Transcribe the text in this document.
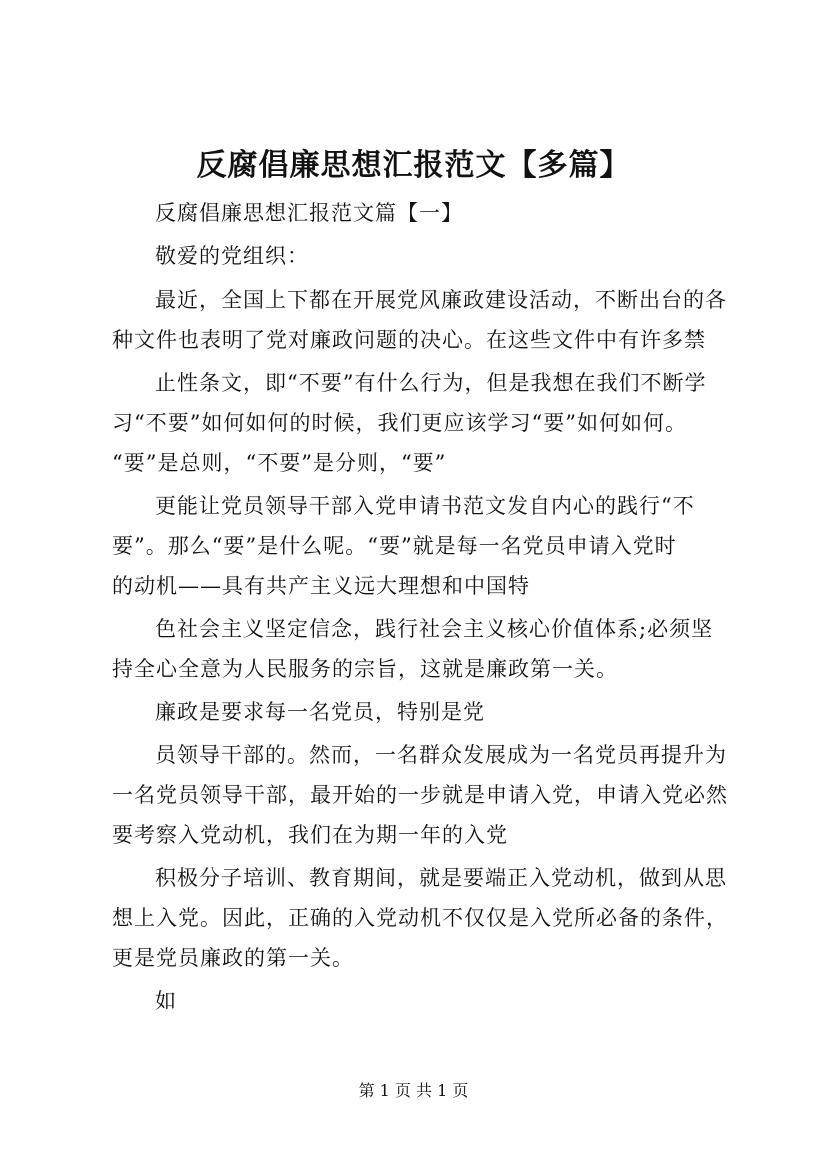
反腐倡廉思想汇报范文【多篇】
反腐倡廉思想汇报范文篇【一】
敬爱的党组织：
最近，全国上下都在开展党风廉政建设活动，不断出台的各
种文件也表明了党对廉政问题的决心。在这些文件中有许多禁
止性条文，即“不要”有什么行为，但是我想在我们不断学
习“不要”如何如何的时候，我们更应该学习“要”如何如何。
“要”是总则，“不要”是分则，“要”
更能让党员领导干部入党申请书范文发自内心的践行“不
要”。那么“要”是什么呢。“要”就是每一名党员申请入党时
的动机——具有共产主义远大理想和中国特
色社会主义坚定信念，践行社会主义核心价值体系;必须坚
持全心全意为人民服务的宗旨，这就是廉政第一关。
廉政是要求每一名党员，特别是党
员领导干部的。然而，一名群众发展成为一名党员再提升为
一名党员领导干部，最开始的一步就是申请入党，申请入党必然
要考察入党动机，我们在为期一年的入党
积极分子培训、教育期间，就是要端正入党动机，做到从思
想上入党。因此，正确的入党动机不仅仅是入党所必备的条件，
更是党员廉政的第一关。
如
第 1 页 共 1 页
